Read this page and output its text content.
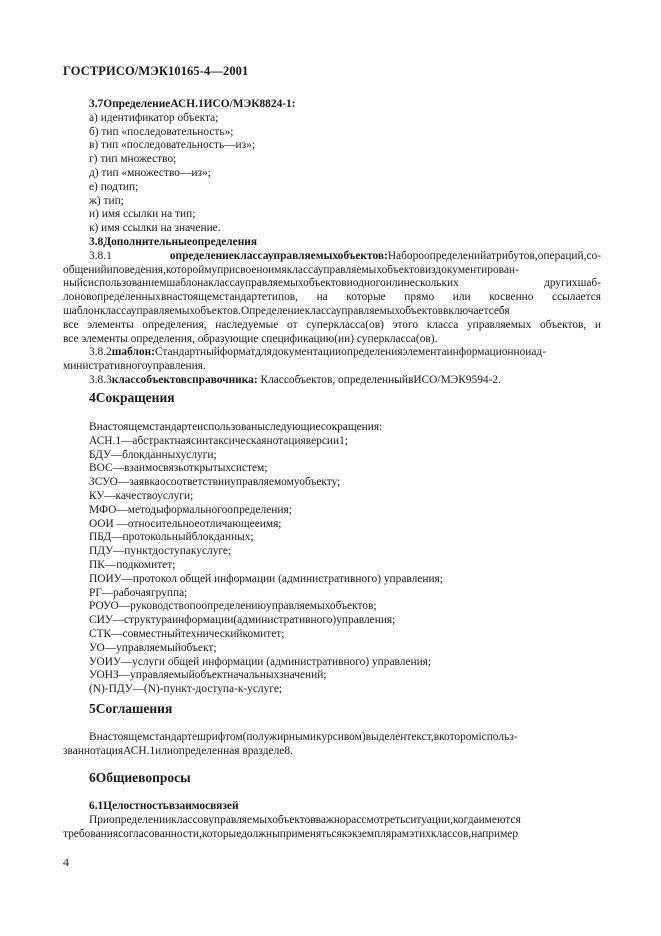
ГОСТРИСО/МЭК10165-4—2001
3.7ОпределениеАСН.1ИСО/МЭК8824-1:
а) идентификатор объекта;
б) тип «последовательность»;
в) тип «последовательность—из»;
г) тип множество;
д) тип «множество—из»;
е) подтип;
ж) тип;
и) имя ссылки на тип;
к) имя ссылки на значение.
3.8Дополнительныеопределения
3.8.1	определениеклассауправляемыхобъектов:Набороопределенийатрибутов,операций,со-
общенийиповедения,котороймуприсвоеноимяклассауправляемыхобъектовиздокументирован-
ныйсиспользованиемшаблонаклассауправляемыхобъектовиодногоилинескольких другихшаб-
лоновопределенныхвнастоящемстандартетипов, на которые прямо или косвенно ссылается
шаблонклассауправляемыхобъектов.Определениеклассауправляемыхобъектоввключаетсебя
все элементы определения, наследуемые от суперкласса(ов) этого класса управляемых объектов, и
все элементы определения, образующие спецификацию(ии) суперкласса(ов).
3.8.2шаблон:Стандартныйформатдлядокументацииопределенияэлементаинформационноиад-
министративногоуправления.
3.8.3классобъектовсправочника: Классобъектов, определенныйвИСО/МЭК9594-2.
4Сокращения
Внастоящемстандартеиспользованыследующиесокращения:
АСН.1—абстрактнаясинтаксическаянотацияверсии1;
БДУ—блокданныхуслуги;
ВОС—взаимосвязьоткрытыхсистем;
ЗСУО—заявкаосоответствииуправляемомуобъекту;
КУ—качествоуслуги;
МФО—методыформальногоопределения;
ООИ —относительноеотличающееимя;
ПБД—протокольныйблокданных;
ПДУ—пунктдоступакуслуге;
ПК—подкомитет;
ПОИУ—протокол общей информации (административного) управления;
РГ—рабочаягруппа;
РОУО—руководствопоопределениюуправляемыхобъектов;
СИУ—структураинформации(административного)управления;
СТК—совместныйтехническийкомитет;
УО—управляемыйобъект;
УОИУ—услуги общей информации (административного) управления;
УОНЗ—управляемыйобъектначальныхзначений;
(N)-ПДУ—(N)-пункт-доступа-к-услуге;
5Соглашения
Внастоящемстандартешрифтом(полужирнымикурсивом)выделентекст,вкотороміспольз-
званнотацияАСН.1илиопределенная вразделе8.
6Общиевопросы
6.1Целостностьвзаимосвязей
Приопределенииклассовуправляемыхобъектовважнорассмотретьситуации,когдаимеются
требованиясогласованности,которыедолжныприменятьсякэкземплярамэтихклассов,например
4
